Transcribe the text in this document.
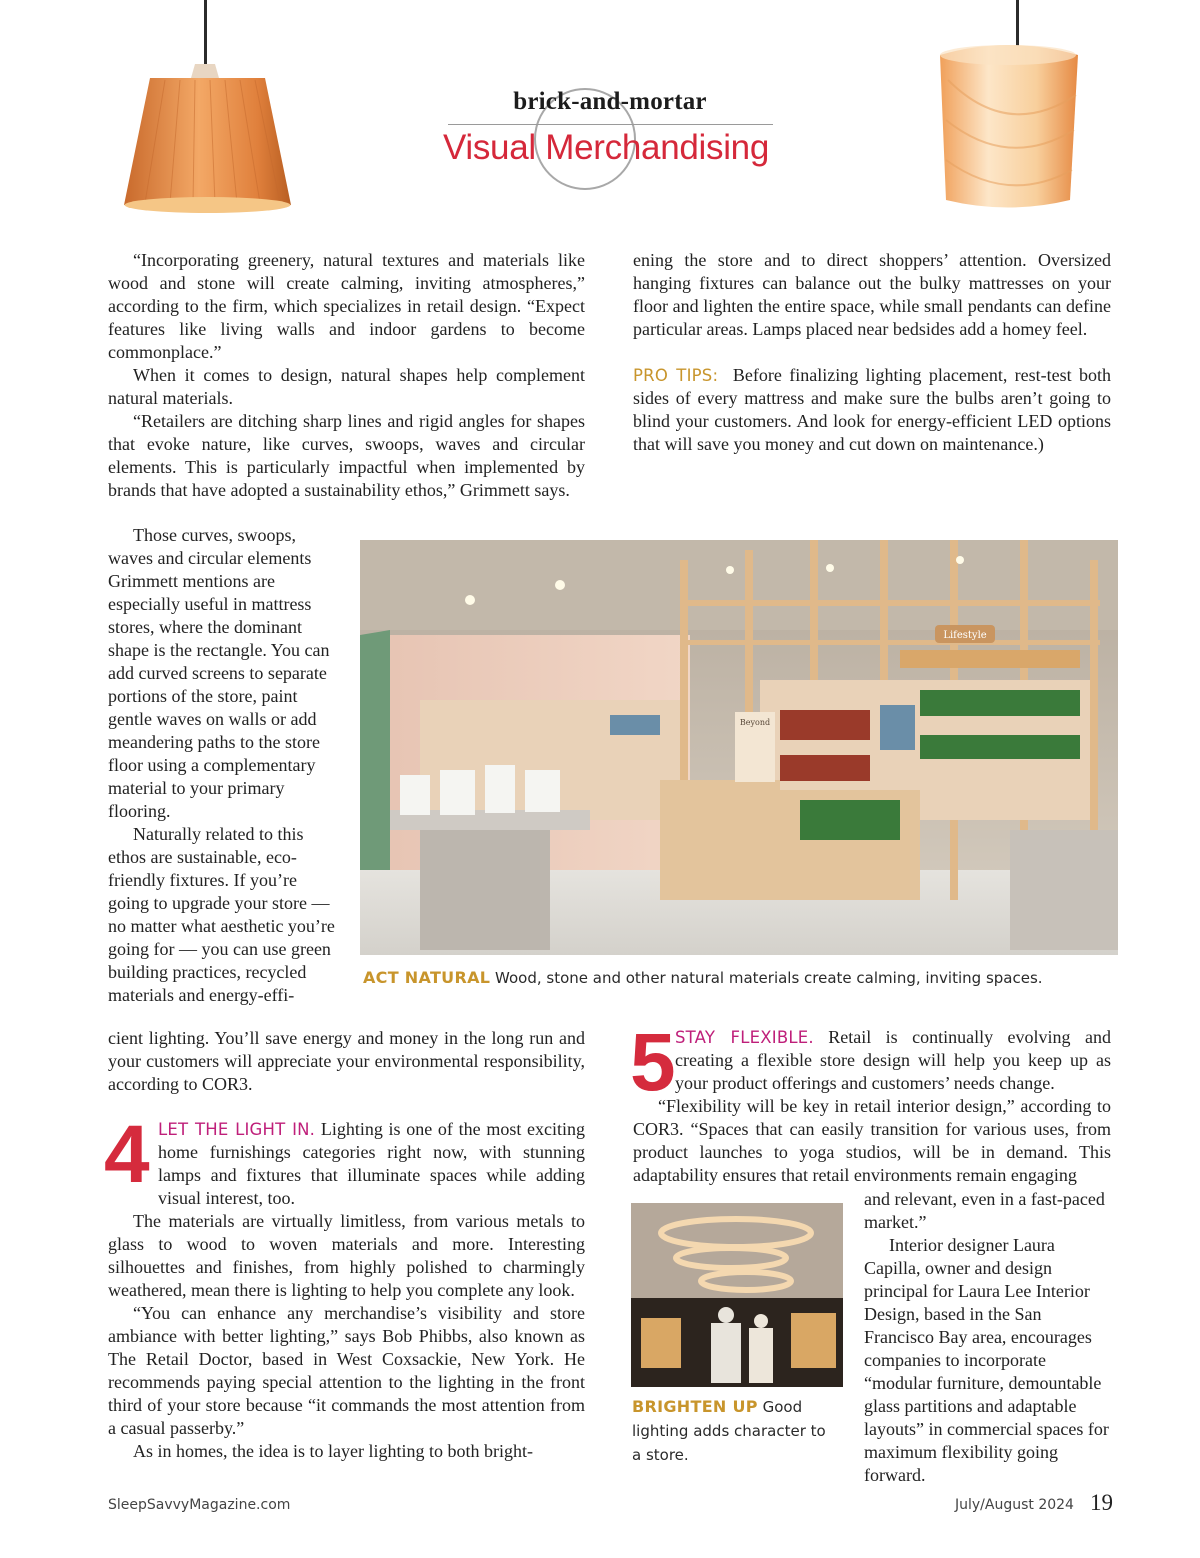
brick-and-mortar
Visual Merchandising

“Incorporating greenery, natural textures and materials like wood and stone will create calming, inviting atmospheres,” according to the firm, which specializes in retail design. “Expect features like living walls and indoor gardens to become commonplace.”

When it comes to design, natural shapes help complement natural materials.

“Retailers are ditching sharp lines and rigid angles for shapes that evoke nature, like curves, swoops, waves and circular elements. This is particularly impactful when implemented by brands that have adopted a sustainability ethos,” Grimmett says.

Those curves, swoops, waves and circular elements Grimmett mentions are especially useful in mattress stores, where the dominant shape is the rectangle. You can add curved screens to separate portions of the store, paint gentle waves on walls or add meandering paths to the store floor using a complementary material to your primary flooring.

Naturally related to this ethos are sustainable, eco-friendly fixtures. If you’re going to upgrade your store — no matter what aesthetic you’re going for — you can use green building practices, recycled materials and energy-effi-

cient lighting. You’ll save energy and money in the long run and your customers will appreciate your environmental responsibility, according to COR3.

4 LET THE LIGHT IN. Lighting is one of the most exciting home furnishings categories right now, with stunning lamps and fixtures that illuminate spaces while adding visual interest, too.

The materials are virtually limitless, from various metals to glass to wood to woven materials and more. Interesting silhouettes and finishes, from highly polished to charmingly weathered, mean there is lighting to help you complete any look.

“You can enhance any merchandise’s visibility and store ambiance with better lighting,” says Bob Phibbs, also known as The Retail Doctor, based in West Coxsackie, New York. He recommends paying special attention to the lighting in the front third of your store because “it commands the most attention from a casual passerby.”

As in homes, the idea is to layer lighting to both bright-

ening the store and to direct shoppers’ attention. Oversized hanging fixtures can balance out the bulky mattresses on your floor and lighten the entire space, while small pendants can define particular areas. Lamps placed near bedsides add a homey feel.

PRO TIPS: Before finalizing lighting placement, rest-test both sides of every mattress and make sure the bulbs aren’t going to blind your customers. And look for energy-efficient LED options that will save you money and cut down on maintenance.)

Lifestyle
Beyond
ACT NATURAL Wood, stone and other natural materials create calming, inviting spaces.
5 STAY FLEXIBLE. Retail is continually evolving and creating a flexible store design will help you keep up as your product offerings and customers’ needs change.

“Flexibility will be key in retail interior design,” according to COR3. “Spaces that can easily transition for various uses, from product launches to yoga studios, will be in demand. This adaptability ensures that retail environments remain engaging

BRIGHTEN UP Good lighting adds character to a store.

and relevant, even in a fast-paced market.”

Interior designer Laura Capilla, owner and design principal for Laura Lee Interior Design, based in the San Francisco Bay area, encourages companies to incorporate “modular furniture, demountable glass partitions and adaptable layouts” in commercial spaces for maximum flexibility going forward.

SleepSavvyMagazine.com	July/August 2024 19
